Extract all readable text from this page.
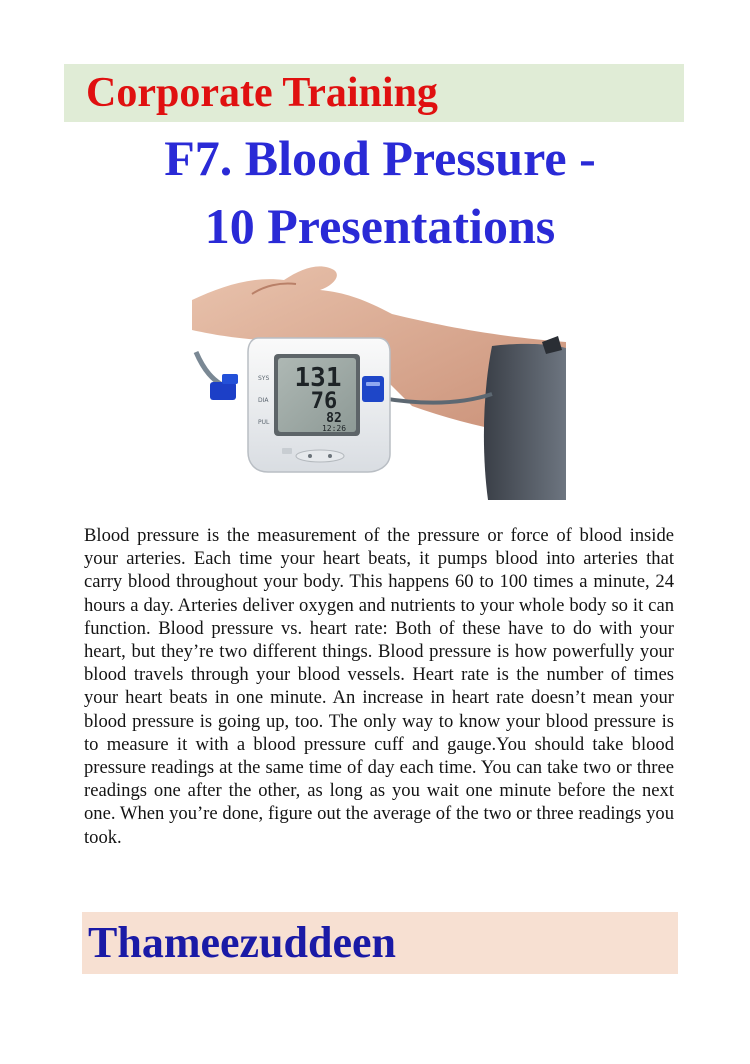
Corporate Training
F7. Blood Pressure -
10 Presentations
131
76
82
12:26
SYS
DIA
PUL

Blood pressure is the measurement of the pressure or force of blood inside your arteries. Each time your heart beats, it pumps blood into arteries that carry blood throughout your body. This happens 60 to 100 times a minute, 24 hours a day. Arteries deliver oxygen and nutrients to your whole body so it can function. Blood pressure vs. heart rate: Both of these have to do with your heart, but they’re two different things. Blood pressure is how powerfully your blood travels through your blood vessels. Heart rate is the number of times your heart beats in one minute. An increase in heart rate doesn’t mean your blood pressure is going up, too. The only way to know your blood pressure is to measure it with a blood pressure cuff and gauge.You should take blood pressure readings at the same time of day each time. You can take two or three readings one after the other, as long as you wait one minute before the next one. When you’re done, figure out the average of the two or three readings you took.

Thameezuddeen
